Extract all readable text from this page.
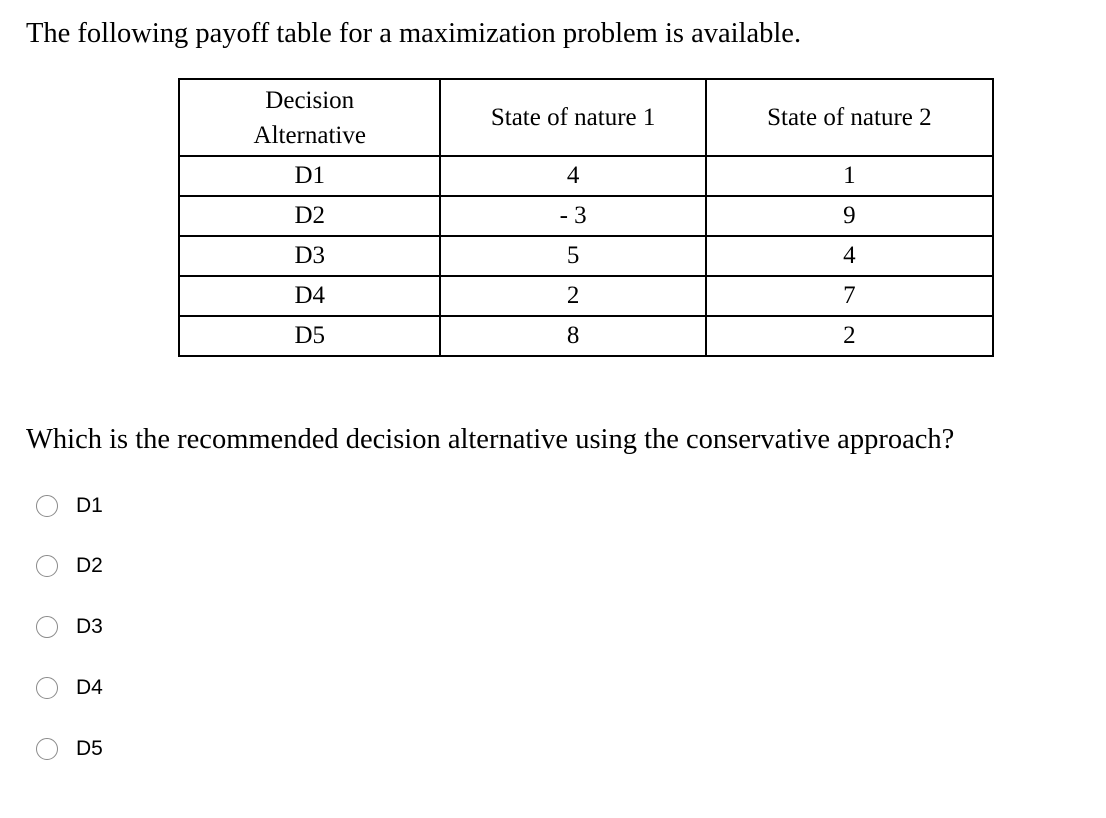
The following payoff table for a maximization problem is available.
Decision
Alternative	State of nature 1	State of nature 2
D1	4	1
D2	- 3	9
D3	5	4
D4	2	7
D5	8	2
Which is the recommended decision alternative using the conservative approach?
D1
D2
D3
D4
D5
